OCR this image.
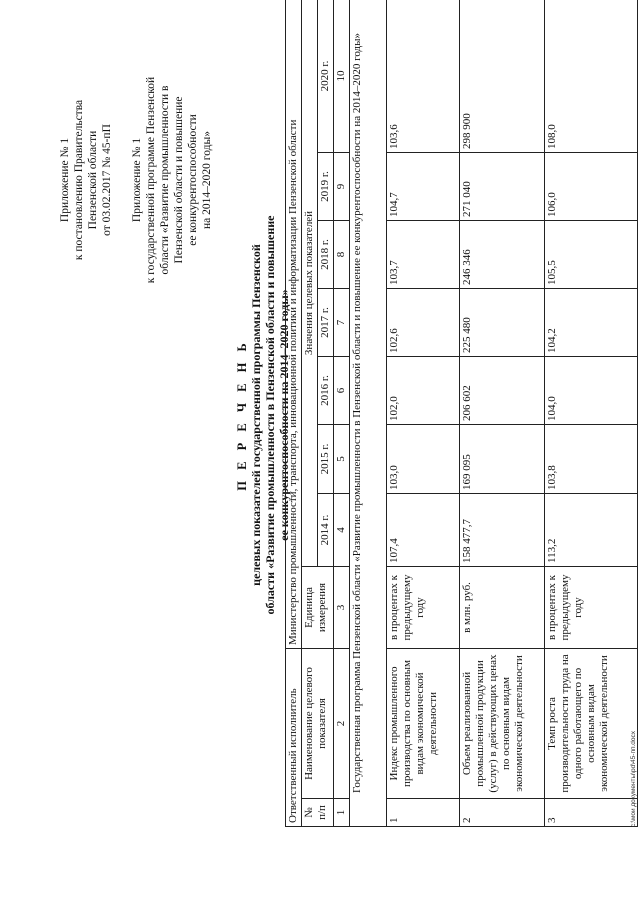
Приложение № 1 к постановлению Правительства Пензенской области от 03.02.2017 № 45-пП Приложение № 1 к государственной программе Пензенской области «Развитие промышленности в Пензенской области и повышение ее конкурентоспособности на 2014–2020 годы»
П Е Р Е Ч Е Н Ь целевых показателей государственной программы Пензенской области «Развитие промышленности в Пензенской области и повышение ее конкурентоспособности на 2014–2020 годы»
Ответственный исполнитель		Министерство промышленности, транспорта, инновационной политики и информатизации Пензенской области							
№ п/п	Наименование целевого показателя	Единица измерения	Значения целевых показателей						
			2014 г.	2015 г.	2016 г.	2017 г.	2018 г.	2019 г.	2020 г.
1	2	3	4	5	6	7	8	9	10
Государственная программа Пензенской области «Развитие промышленности в Пензенской области и повышение ее конкурентоспособности на 2014–2020 годы»									
1	Индекс промышленного производства по основным видам экономической деятельности	в процентах к предыдущему году	107,4	103,0	102,0	102,6	103,7	104,7	103,6
2	Объем реализованной промышленной продукции (услуг) в действующих ценах по основным видам экономической деятельности	в млн. руб.	158 477,7	169 095	206 602	225 480	246 346	271 040	298 900
3	Темп роста производительности труда на одного работающего по основным видам экономической деятельности	в процентах к предыдущему году	113,2	103,8	104,0	104,2	105,5	106,0	108,0
c:\мои документы\рd\45-пп.docx
